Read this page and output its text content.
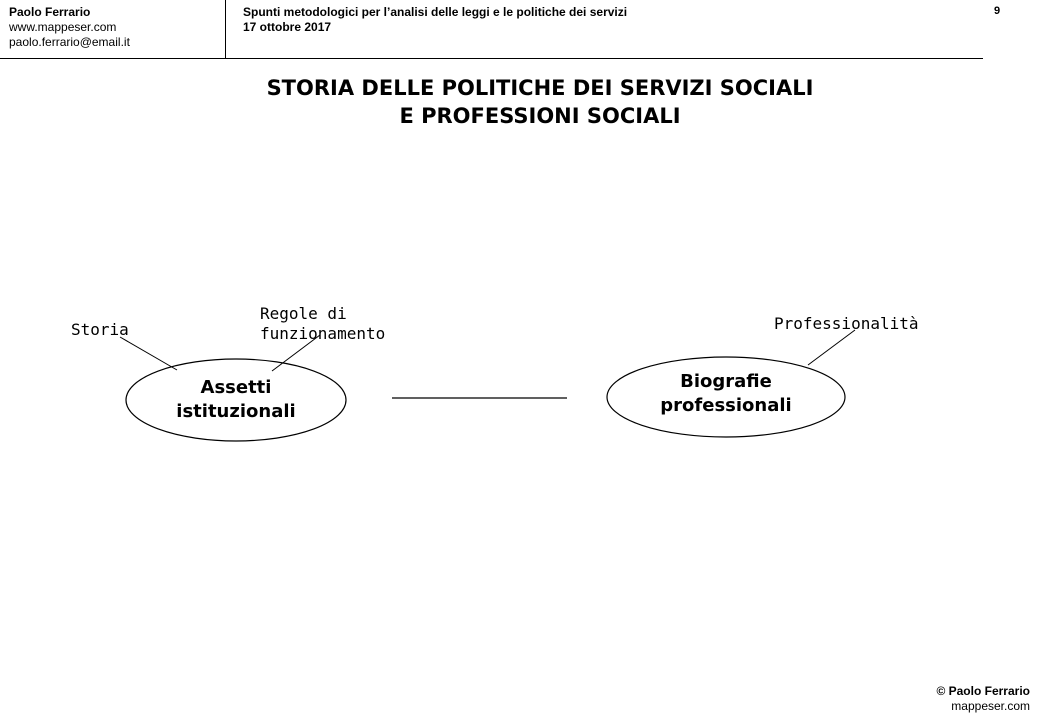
Paolo Ferrario
www.mappeser.com
paolo.ferrario@email.it
Spunti metodologici per l’analisi delle leggi e le politiche dei servizi
17 ottobre 2017
9
STORIA DELLE POLITICHE DEI SERVIZI SOCIALI
E PROFESSIONI SOCIALI
Storia
Regole di
funzionamento
Professionalità
Assetti
istituzionali
Biografie
professionali
© Paolo Ferrario
mappeser.com
